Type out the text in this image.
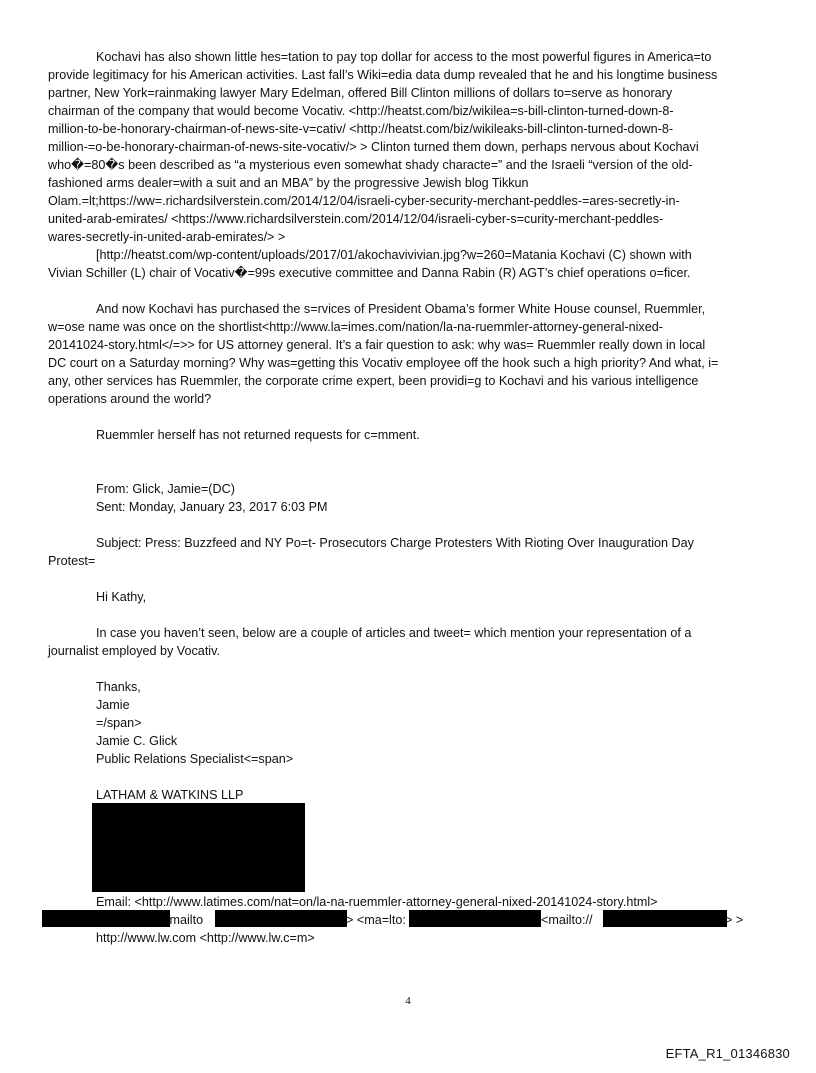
Kochavi has also shown little hes=tation to pay top dollar for access to the most powerful figures in America=to
provide legitimacy for his American activities. Last fall’s Wiki=edia data dump revealed that he and his longtime business
partner, New York=rainmaking lawyer Mary Edelman, offered Bill Clinton millions of dollars to=serve as honorary
chairman of the company that would become Vocativ. <http://heatst.com/biz/wikilea=s-bill-clinton-turned-down-8-
million-to-be-honorary-chairman-of-news-site-v=cativ/ <http://heatst.com/biz/wikileaks-bill-clinton-turned-down-8-
million-=o-be-honorary-chairman-of-news-site-vocativ/> > Clinton turned them down, perhaps nervous about Kochavi
who�=80�s been described as “a mysterious even somewhat shady characte=” and the Israeli “version of the old-
fashioned arms dealer=with a suit and an MBA” by the progressive Jewish blog Tikkun
Olam.=lt;https://ww=.richardsilverstein.com/2014/12/04/israeli-cyber-security-merchant-peddles-=ares-secretly-in-
united-arab-emirates/ <https://www.richardsilverstein.com/2014/12/04/israeli-cyber-s=curity-merchant-peddles-
wares-secretly-in-united-arab-emirates/> >
[http://heatst.com/wp-content/uploads/2017/01/akochavivivian.jpg?w=260=Matania Kochavi (C) shown with
Vivian Schiller (L) chair of Vocativ�=99s executive committee and Danna Rabin (R) AGT’s chief operations o=ficer.
And now Kochavi has purchased the s=rvices of President Obama’s former White House counsel, Ruemmler,
w=ose name was once on the shortlist<http://www.la=imes.com/nation/la-na-ruemmler-attorney-general-nixed-
20141024-story.html</=>> for US attorney general. It’s a fair question to ask: why was= Ruemmler really down in local
DC court on a Saturday morning? Why was=getting this Vocativ employee off the hook such a high priority? And what, i=
any, other services has Ruemmler, the corporate crime expert, been providi=g to Kochavi and his various intelligence
operations around the world?
Ruemmler herself has not returned requests for c=mment.
From: Glick, Jamie=(DC)
Sent: Monday, January 23, 2017 6:03 PM
Subject: Press: Buzzfeed and NY Po=t- Prosecutors Charge Protesters With Rioting Over Inauguration Day
Protest=
Hi Kathy,
In case you haven’t seen, below are a couple of articles and tweet= which mention your representation of a
journalist employed by Vocativ.
Thanks,
Jamie
=/span>
Jamie C. Glick
Public Relations Specialist<=span>
LATHAM & WATKINS LLP
Email: <http://www.latimes.com/nat=on/la-na-ruemmler-attorney-general-nixed-20141024-story.html>
:mailto	> <ma=lto:	<mailto://	> >
http://www.lw.com <http://www.lw.c=m>
4
EFTA_R1_01346830
